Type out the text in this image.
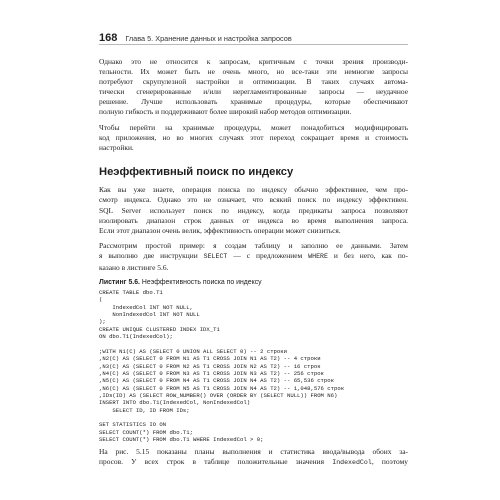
168 Глава 5. Хранение данных и настройка запросов

Однако это не относится к запросам, критичным с точки зрения производи-
тельности. Их может быть не очень много, но все-таки эти немногие запросы
потребуют скрупулезной настройки и оптимизации. В таких случаях автома-
тически сгенерированные и/или нерегламентированные запросы — неудачное
решение. Лучше использовать хранимые процедуры, которые обеспечивают
полную гибкость и поддерживают более широкий набор методов оптимизации.

Чтобы перейти на хранимые процедуры, может понадобиться модифицировать
код приложения, но во многих случаях этот переход сокращает время и стоимость
настройки.

Неэффективный поиск по индексу

Как вы уже знаете, операция поиска по индексу обычно эффективнее, чем про-
смотр индекса. Однако это не означает, что всякий поиск по индексу эффективен.
SQL Server использует поиск по индексу, когда предикаты запроса позволяют
изолировать диапазон строк данных от индекса во время выполнения запроса.
Если этот диапазон очень велик, эффективность операции может снизиться.

Рассмотрим простой пример: я создам таблицу и заполню ее данными. Затем
я выполню две инструкции SELECT — с предложением WHERE и без него, как по-
казано в листинге 5.6.

Листинг 5.6. Неэффективность поиска по индексу
CREATE TABLE dbo.T1
(
IndexedCol INT NOT NULL,
NonIndexedCol INT NOT NULL
);
CREATE UNIQUE CLUSTERED INDEX IDX_T1
ON dbo.T1(IndexedCol);
;WITH N1(C) AS (SELECT 0 UNION ALL SELECT 0) -- 2 строки
,N2(C) AS (SELECT 0 FROM N1 AS T1 CROSS JOIN N1 AS T2) -- 4 строки
,N3(C) AS (SELECT 0 FROM N2 AS T1 CROSS JOIN N2 AS T2) -- 16 строк
,N4(C) AS (SELECT 0 FROM N3 AS T1 CROSS JOIN N3 AS T2) -- 256 строк
,N5(C) AS (SELECT 0 FROM N4 AS T1 CROSS JOIN N4 AS T2) -- 65,536 строк
,N6(C) AS (SELECT 0 FROM N5 AS T1 CROSS JOIN N4 AS T2) -- 1,048,576 строк
,IDs(ID) AS (SELECT ROW_NUMBER() OVER (ORDER BY (SELECT NULL)) FROM N6)
INSERT INTO dbo.T1(IndexedCol, NonIndexedCol)
SELECT ID, ID FROM IDs;
SET STATISTICS IO ON
SELECT COUNT(*) FROM dbo.T1;
SELECT COUNT(*) FROM dbo.T1 WHERE IndexedCol > 0;

На рис. 5.15 показаны планы выполнения и статистика ввода/вывода обоих за-
просов. У всех строк в таблице положительные значения IndexedCol, поэтому
